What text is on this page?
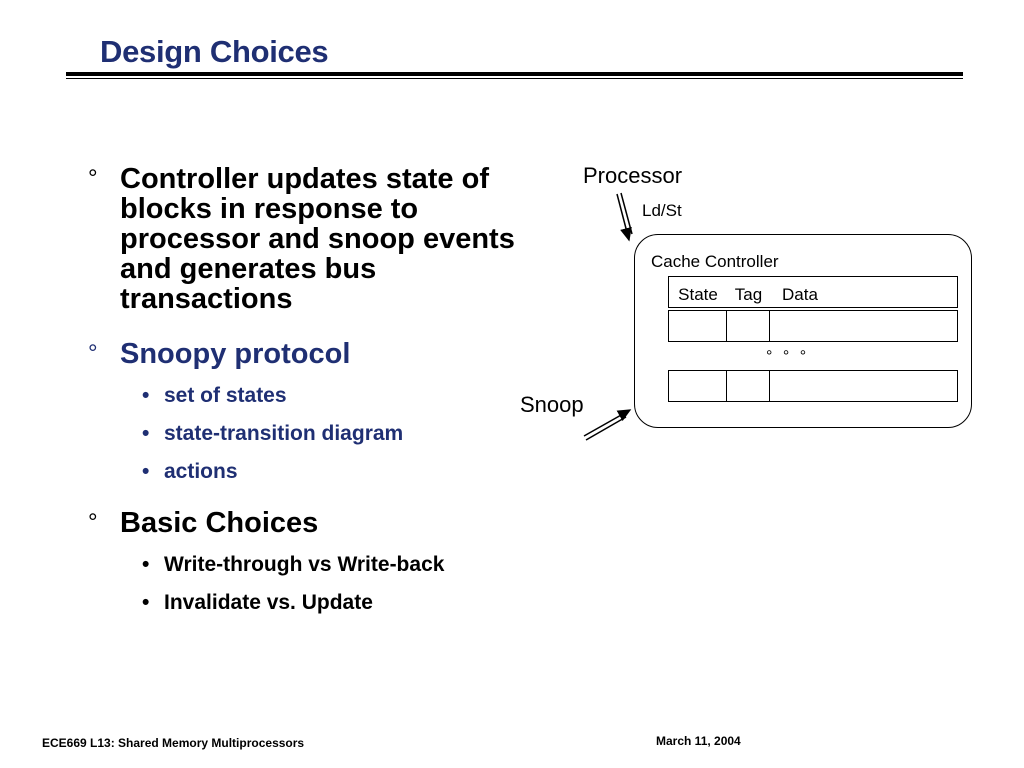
Design Choices
° Controller updates state of blocks in response to processor and snoop events and generates bus transactions
° Snoopy protocol
• set of states
• state-transition diagram
• actions
° Basic Choices
• Write-through vs Write-back
• Invalidate vs. Update
Processor
Ld/St
Cache Controller
State Tag	Data
° ° °
Snoop
ECE669 L13: Shared Memory Multiprocessors	March 11, 2004
